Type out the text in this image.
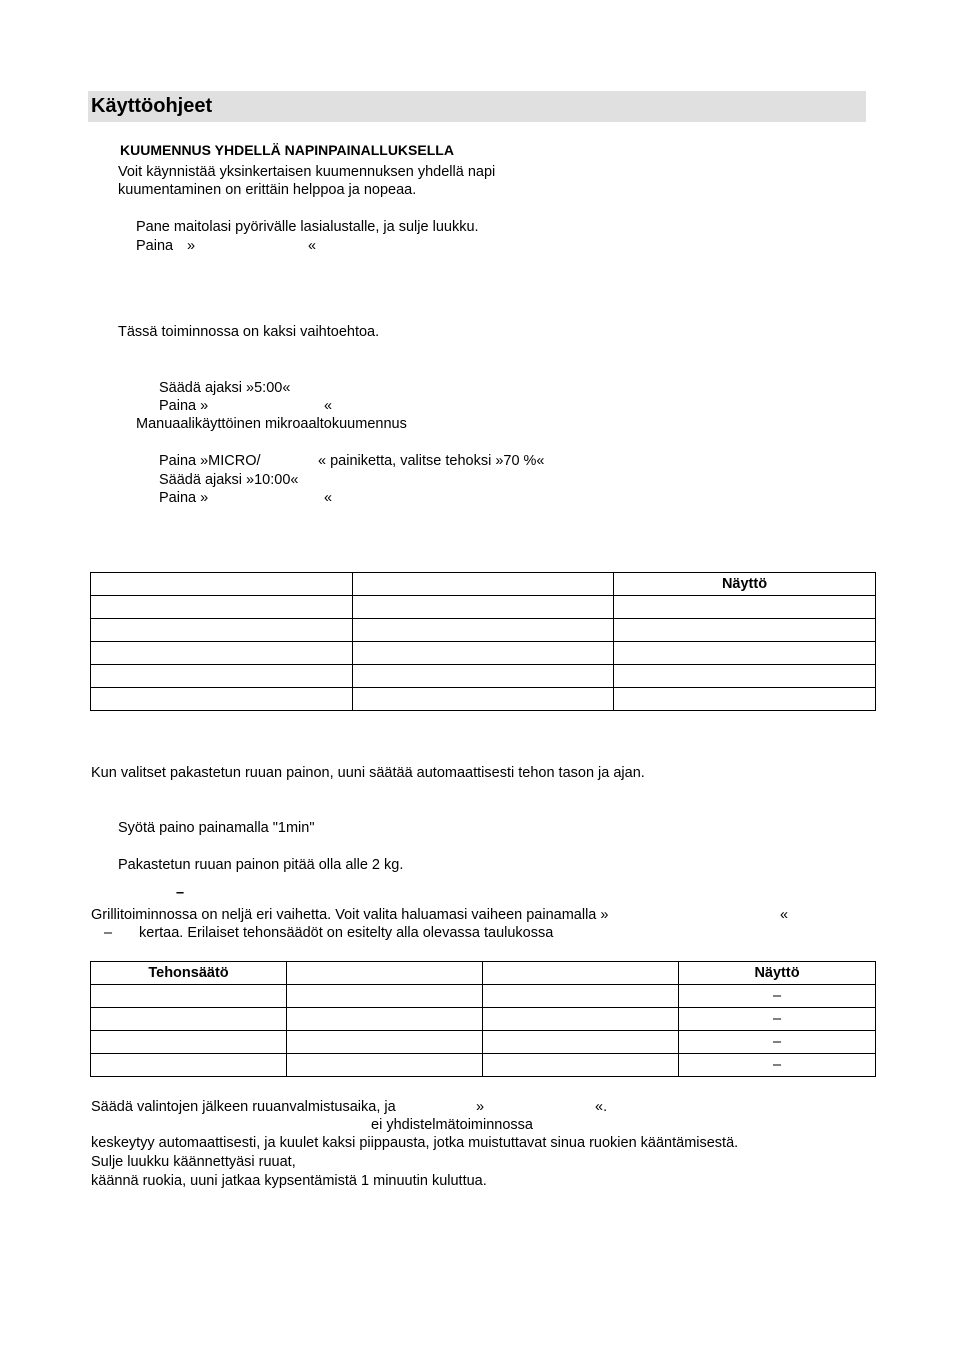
Käyttöohjeet
KUUMENNUS YHDELLÄ NAPINPAINALLUKSELLA
Voit käynnistää yksinkertaisen kuumennuksen yhdellä napi
kuumentaminen on erittäin helppoa ja nopeaa.
Pane maitolasi pyörivälle lasialustalle, ja sulje luukku.
Paina »	«
Tässä toiminnossa on kaksi vaihtoehtoa.
Säädä ajaksi »5:00«
Paina »	«
Manuaalikäyttöinen mikroaaltokuumennus
Paina »MICRO/	« painiketta, valitse tehoksi »70 %«
Säädä ajaksi »10:00«
Paina »	«
		Näyttö

Kun valitset pakastetun ruuan painon, uuni säätää automaattisesti tehon tason ja ajan.
Syötä paino painamalla "1min"
Pakastetun ruuan painon pitää olla alle 2 kg.
–
Grillitoiminnossa on neljä eri vaihetta. Voit valita haluamasi vaiheen painamalla »	«
– kertaa. Erilaiset tehonsäädöt on esitelty alla olevassa taulukossa
Tehonsäätö			Näyttö
			–
			–
			–
			–
Säädä valintojen jälkeen ruuanvalmistusaika, ja	»	«.
ei yhdistelmätoiminnossa
keskeytyy automaattisesti, ja kuulet kaksi piippausta, jotka muistuttavat sinua ruokien kääntämisestä.
Sulje luukku käännettyäsi ruuat,
käännä ruokia, uuni jatkaa kypsentämistä 1 minuutin kuluttua.
